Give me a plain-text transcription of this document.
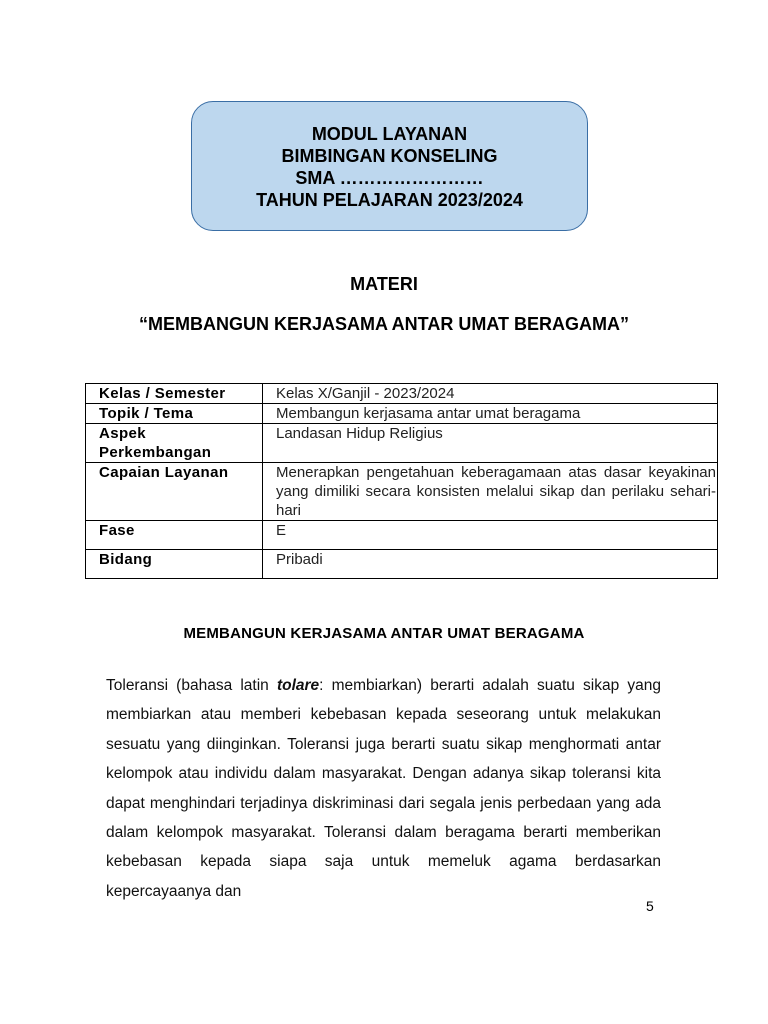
MODUL LAYANAN
BIMBINGAN KONSELING
SMA ……………………
TAHUN PELAJARAN 2023/2024
MATERI
“MEMBANGUN KERJASAMA ANTAR UMAT BERAGAMA”
Kelas / Semester	Kelas X/Ganjil - 2023/2024
Topik / Tema	Membangun kerjasama antar umat beragama
Aspek Perkembangan	Landasan Hidup Religius
Capaian Layanan	Menerapkan pengetahuan keberagamaan atas dasar keyakinan yang dimiliki secara konsisten melalui sikap dan perilaku sehari-hari
Fase	E
Bidang	Pribadi
MEMBANGUN KERJASAMA ANTAR UMAT BERAGAMA
Toleransi (bahasa latin tolare: membiarkan) berarti adalah suatu sikap yang membiarkan atau memberi kebebasan kepada seseorang untuk melakukan sesuatu yang diinginkan. Toleransi juga berarti suatu sikap menghormati antar kelompok atau individu dalam masyarakat. Dengan adanya sikap toleransi kita dapat menghindari terjadinya diskriminasi dari segala jenis perbedaan yang ada dalam kelompok masyarakat. Toleransi dalam beragama berarti memberikan kebebasan kepada siapa saja untuk memeluk agama berdasarkan kepercayaanya dan
5
